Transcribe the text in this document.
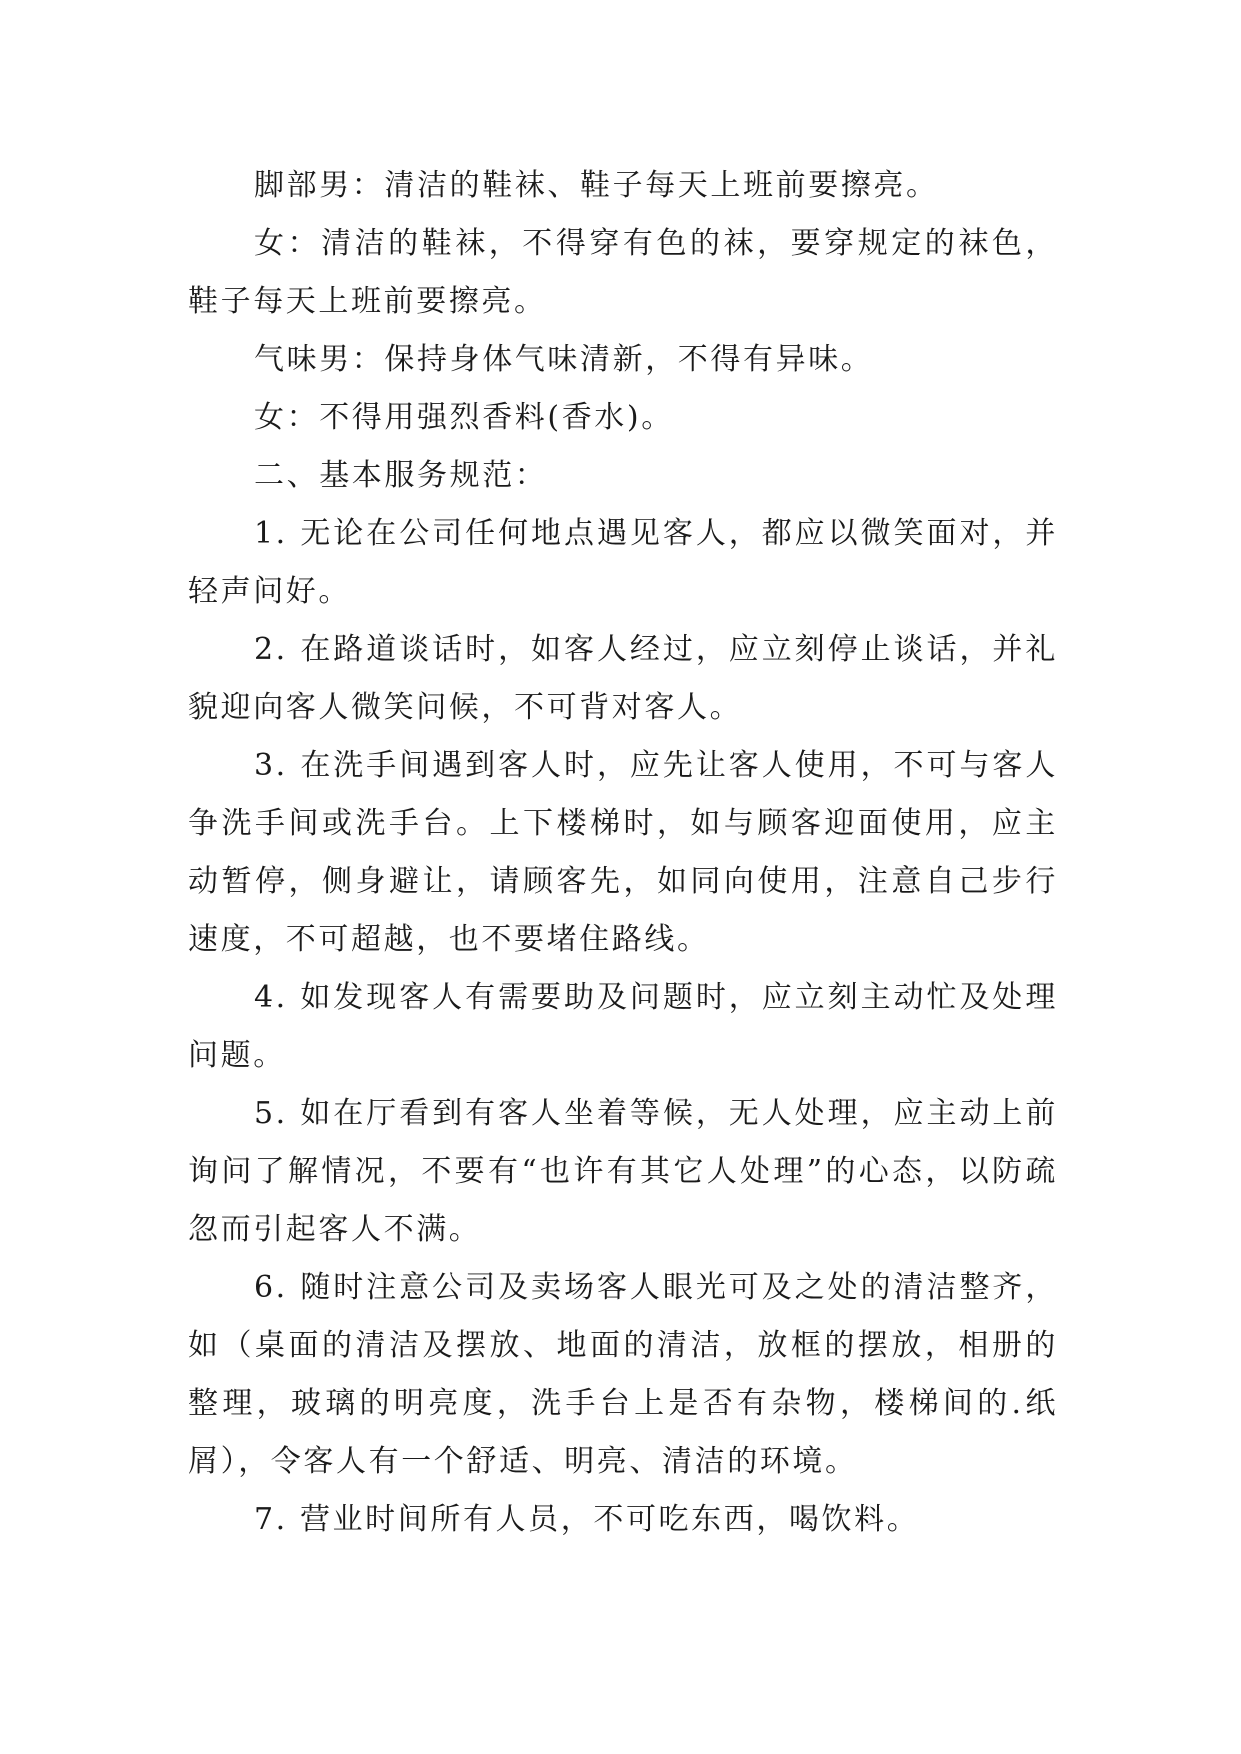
脚部男：清洁的鞋袜、鞋子每天上班前要擦亮。

女：清洁的鞋袜，不得穿有色的袜，要穿规定的袜色，鞋子每天上班前要擦亮。

气味男：保持身体气味清新，不得有异味。

女：不得用强烈香料(香水)。

二、基本服务规范：

1. 无论在公司任何地点遇见客人，都应以微笑面对，并轻声问好。

2. 在路道谈话时，如客人经过，应立刻停止谈话，并礼貌迎向客人微笑问候，不可背对客人。

3. 在洗手间遇到客人时，应先让客人使用，不可与客人争洗手间或洗手台。上下楼梯时，如与顾客迎面使用，应主动暂停，侧身避让，请顾客先，如同向使用，注意自己步行速度，不可超越，也不要堵住路线。

4. 如发现客人有需要助及问题时，应立刻主动忙及处理问题。

5. 如在厅看到有客人坐着等候，无人处理，应主动上前询问了解情况，不要有“也许有其它人处理”的心态，以防疏忽而引起客人不满。

6. 随时注意公司及卖场客人眼光可及之处的清洁整齐，如（桌面的清洁及摆放、地面的清洁，放框的摆放，相册的整理，玻璃的明亮度，洗手台上是否有杂物，楼梯间的.纸屑），令客人有一个舒适、明亮、清洁的环境。

7. 营业时间所有人员，不可吃东西，喝饮料。
